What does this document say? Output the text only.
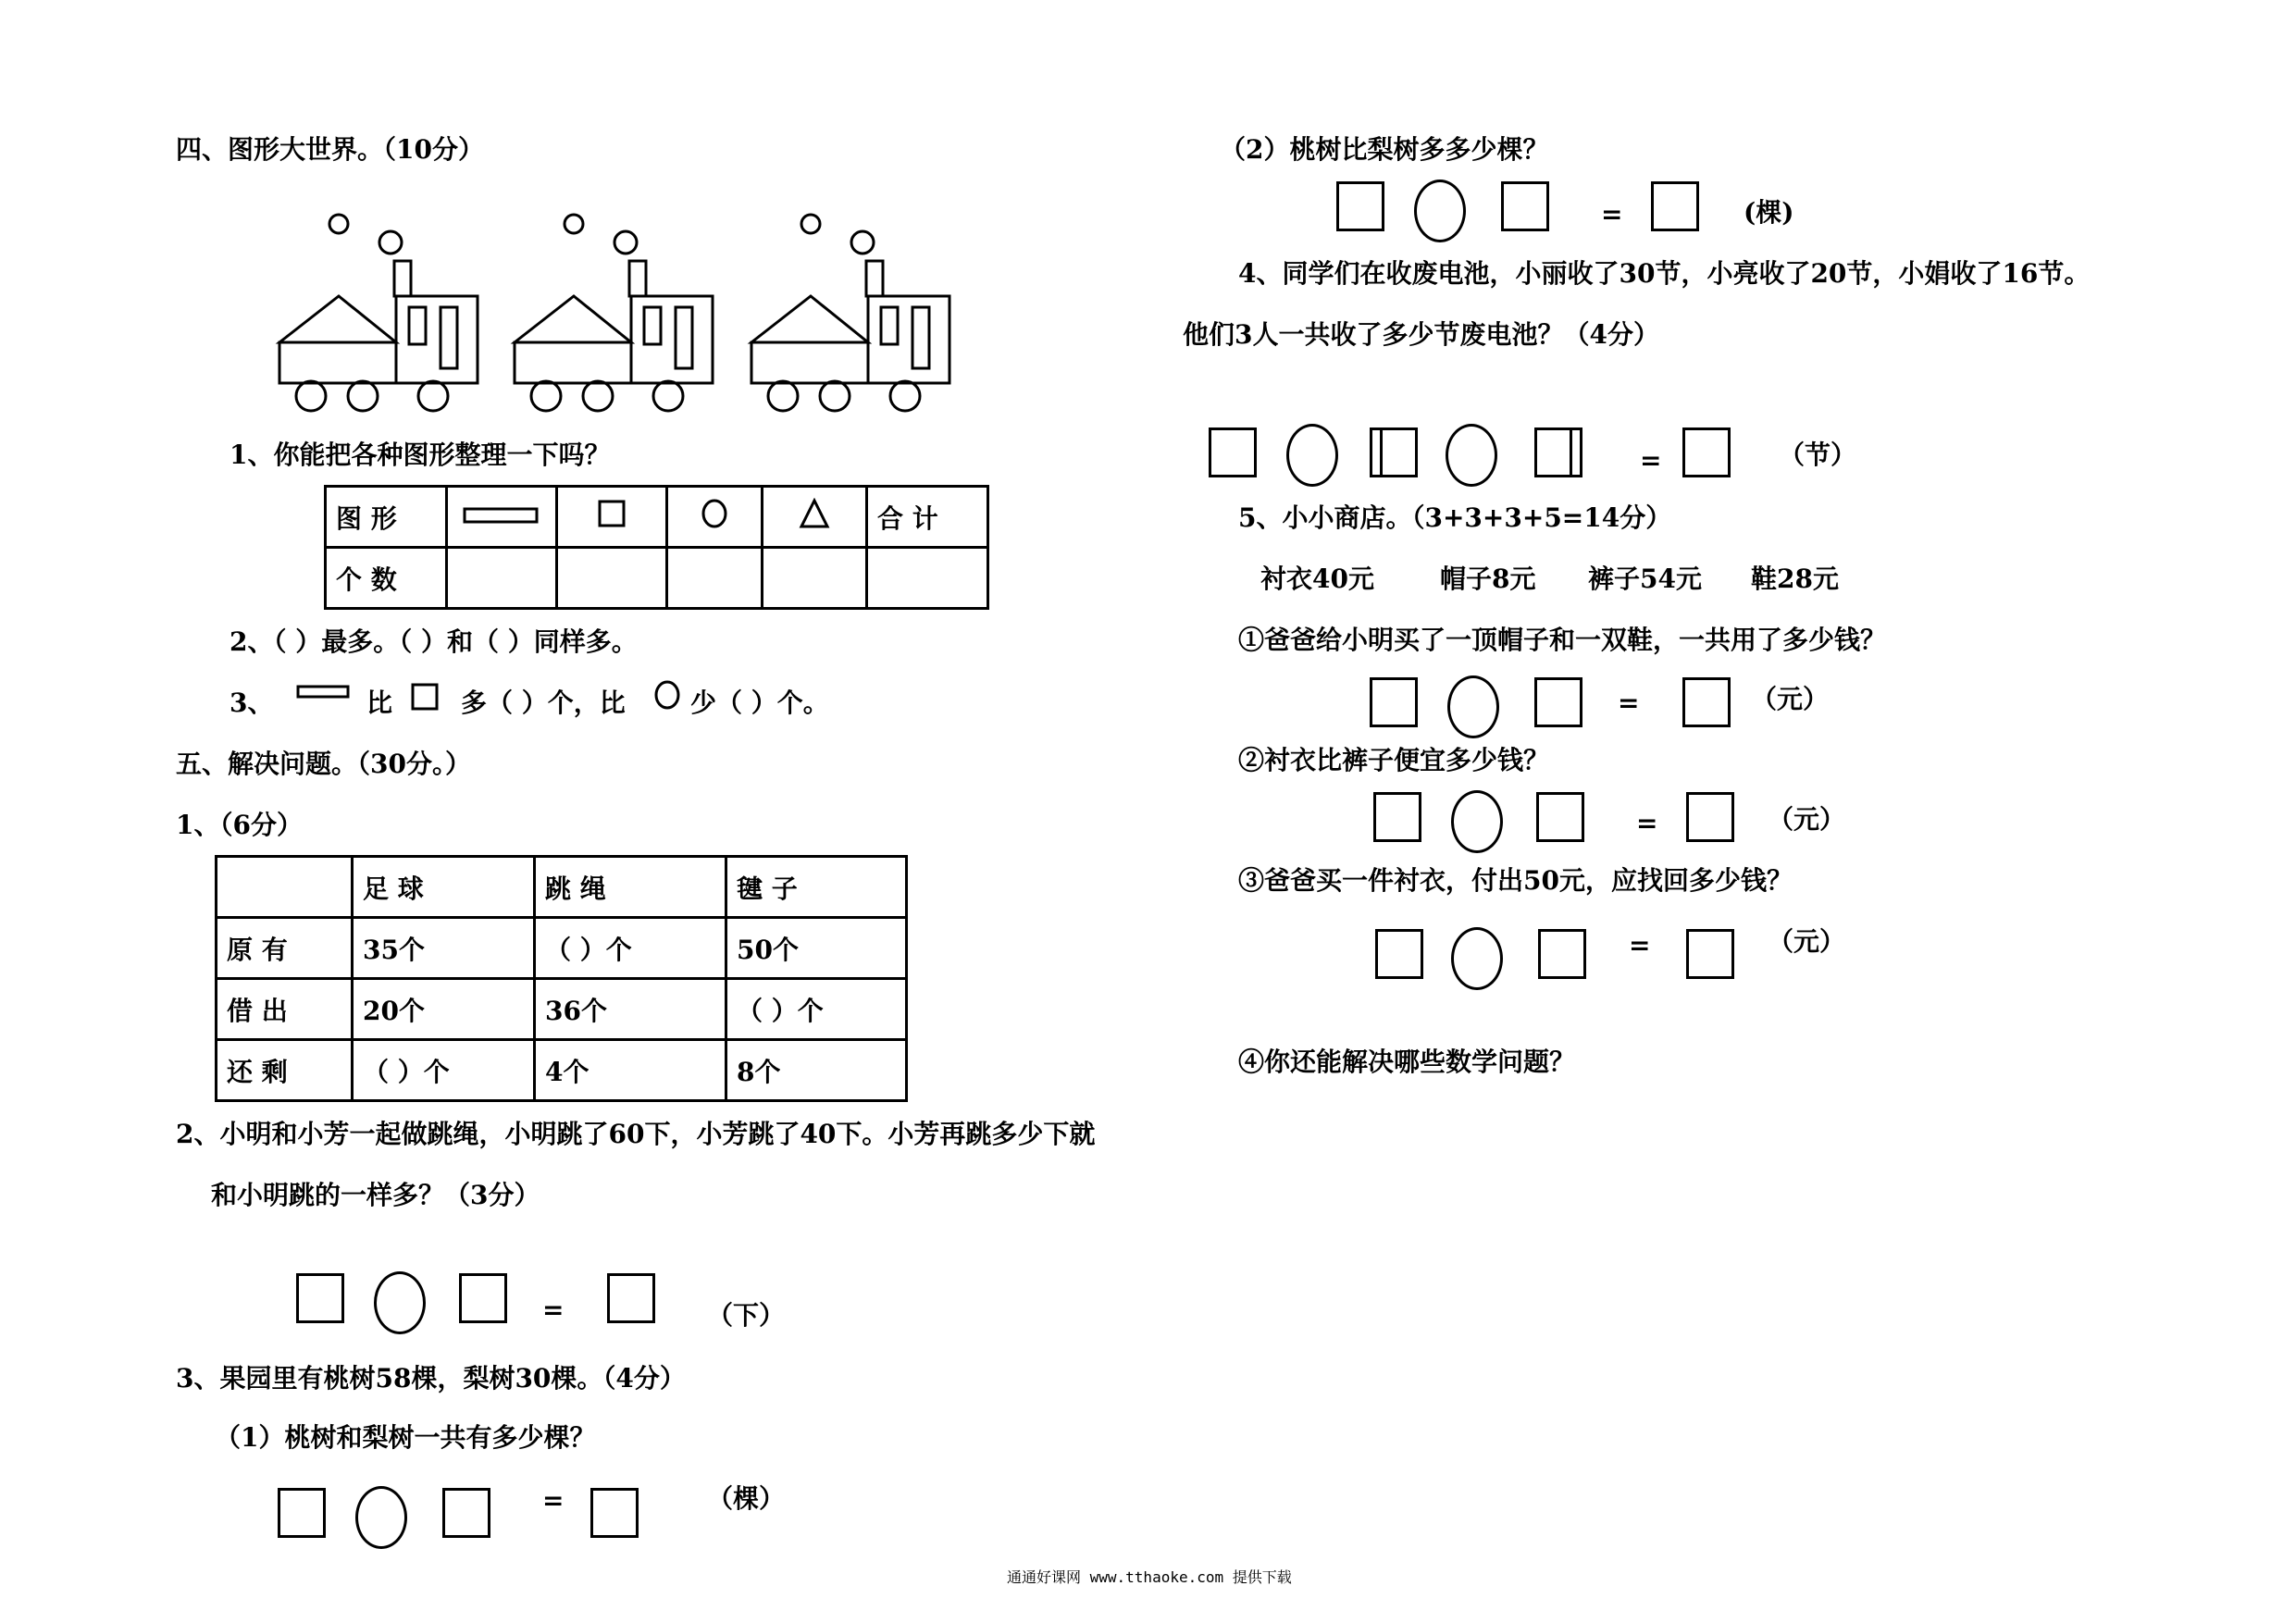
四、图形大世界。（10分）
1、你能把各种图形整理一下吗？
图 形					合 计
个 数					
2、（ ）最多。（ ）和（ ）同样多。
3、	比	多（ ）个，比	少（ ）个。
五、解决问题。（30分。）
1、（6分）
	足 球	跳 绳	毽 子
原 有	35个	（ ）个	50个
借 出	20个	36个	（ ）个
还 剩	（ ）个	4个	8个
2、小明和小芳一起做跳绳，小明跳了60下，小芳跳了40下。小芳再跳多少下就
和小明跳的一样多？（3分）
=	（下）
3、果园里有桃树58棵，梨树30棵。（4分）
（1）桃树和梨树一共有多少棵？
=	（棵）
通通好课网 www.tthaoke.com 提供下载
（2）桃树比梨树多多少棵？
=	(棵)
4、同学们在收废电池，小丽收了30节，小亮收了20节，小娟收了16节。
他们3人一共收了多少节废电池？（4分）
=	（节）
5、小小商店。（3+3+3+5=14分）
衬衣40元	帽子8元 裤子54元 鞋28元
①爸爸给小明买了一顶帽子和一双鞋，一共用了多少钱？
=	（元）
②衬衣比裤子便宜多少钱？
=	（元）
③爸爸买一件衬衣，付出50元，应找回多少钱？
=	（元）
④你还能解决哪些数学问题？
